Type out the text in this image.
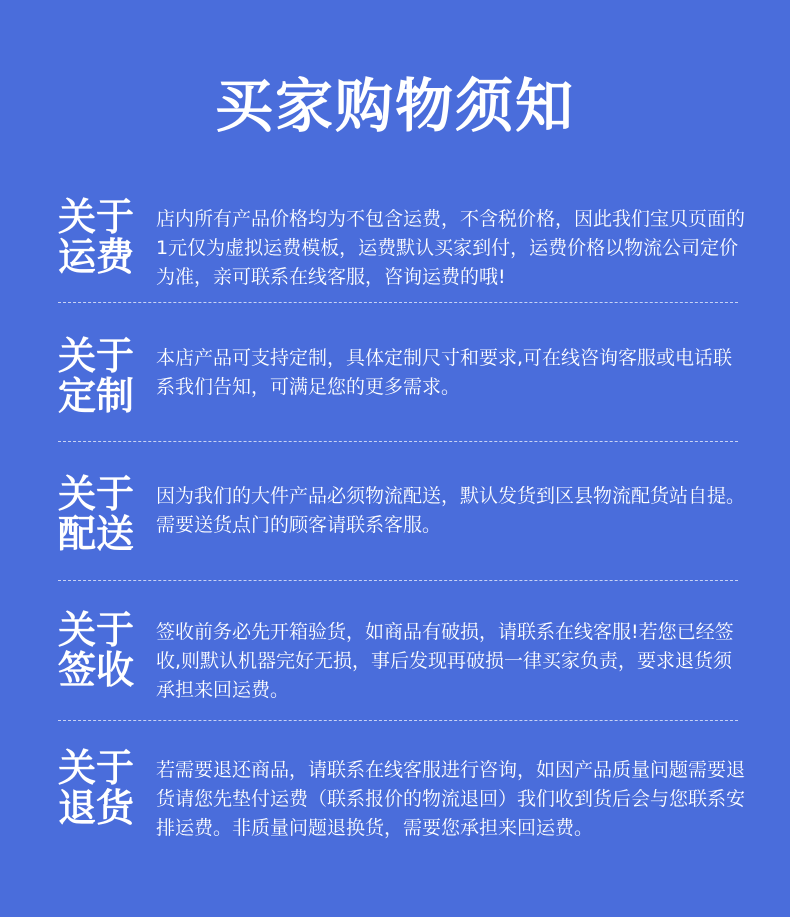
买家购物须知
关于
运费
店内所有产品价格均为不包含运费，不含税价格，因此我们宝贝页面的1元仅为虚拟运费模板，运费默认买家到付，运费价格以物流公司定价为准，亲可联系在线客服，咨询运费的哦!
关于
定制
本店产品可支持定制，具体定制尺寸和要求,可在线咨询客服或电话联系我们告知，可满足您的更多需求。
关于
配送
因为我们的大件产品必须物流配送，默认发货到区县物流配货站自提。需要送货点门的顾客请联系客服。
关于
签收
签收前务必先开箱验货，如商品有破损，请联系在线客服!若您已经签收,则默认机器完好无损，事后发现再破损一律买家负责，要求退货须承担来回运费。
关于
退货
若需要退还商品，请联系在线客服进行咨询，如因产品质量问题需要退货请您先垫付运费（联系报价的物流退回）我们收到货后会与您联系安排运费。非质量问题退换货，需要您承担来回运费。
